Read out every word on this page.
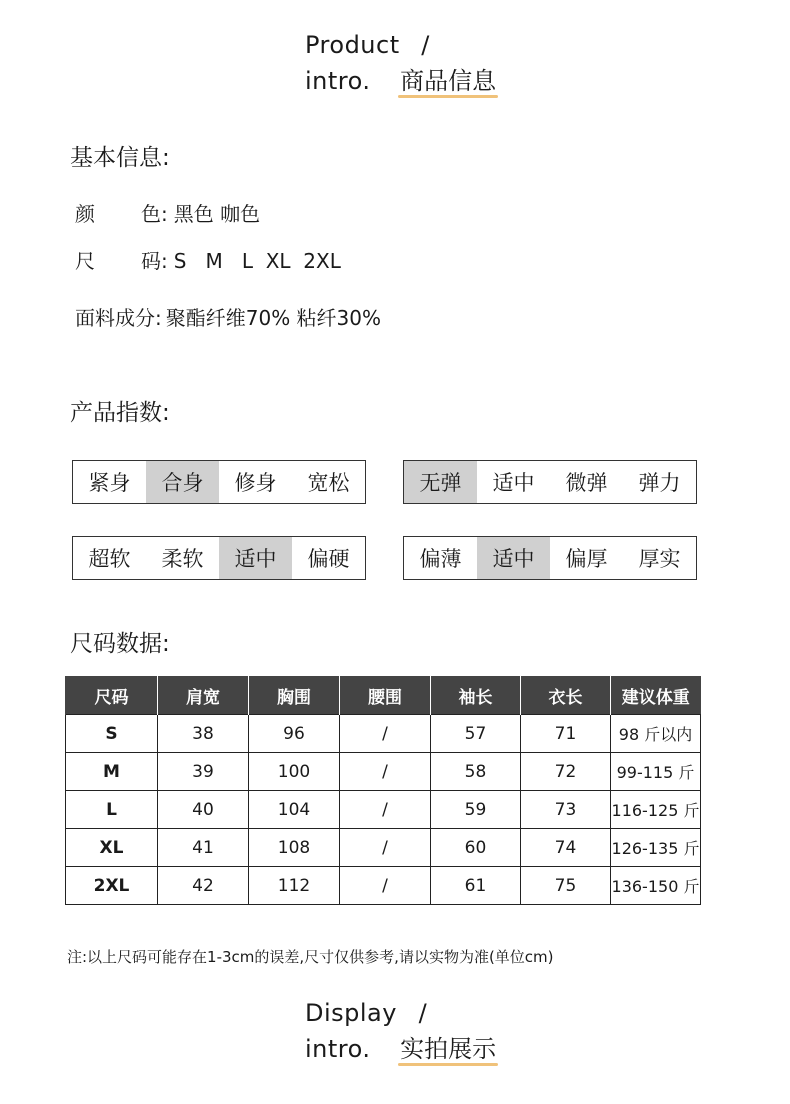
Product /
intro. 商品信息
基本信息:
颜	色: 黑色 咖色
尺	码: S   M   L  XL  2XL
面料成分: 聚酯纤维70% 粘纤30%
产品指数:
紧身	合身	修身	宽松	无弹	适中	微弹	弹力
超软	柔软	适中	偏硬	偏薄	适中	偏厚	厚实
尺码数据:
尺码	肩宽	胸围	腰围	袖长	衣长	建议体重
S	38	96	/	57	71	98 斤以内
M	39	100	/	58	72	99-115 斤
L	40	104	/	59	73	116-125 斤
XL	41	108	/	60	74	126-135 斤
2XL	42	112	/	61	75	136-150 斤
注:以上尺码可能存在1-3cm的误差,尺寸仅供参考,请以实物为准(单位cm)
Display /
intro. 实拍展示
